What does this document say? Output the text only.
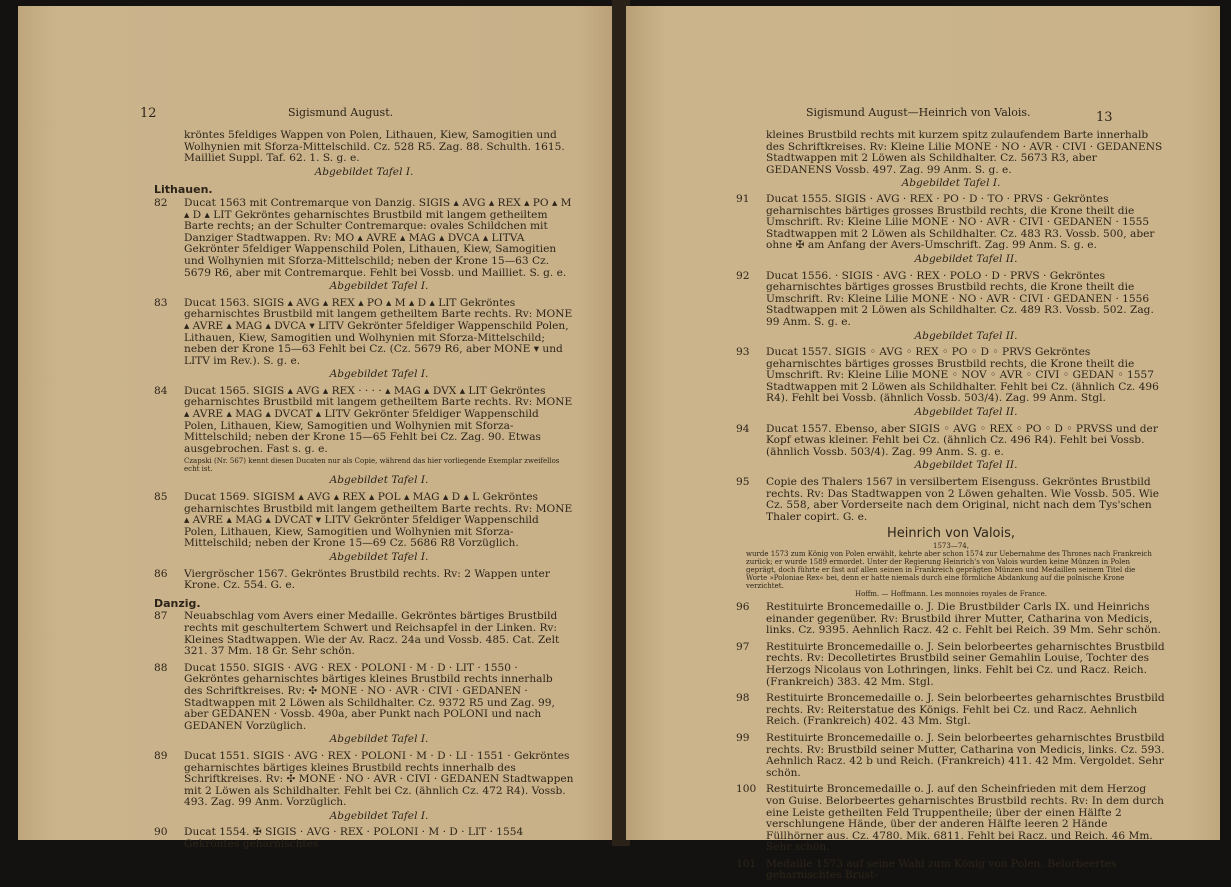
12	Sigismund August.
kröntes 5feldiges Wappen von Polen, Lithauen, Kiew, Samogitien und Wolhynien mit Sforza-Mittelschild. Cz. 528 R5. Zag. 88. Schulth. 1615. Mailliet Suppl. Taf. 62. 1. S. g. e.
Abgebildet Tafel I.
Lithauen.
82	Ducat 1563 mit Contremarque von Danzig. SIGIS ▴ AVG ▴ REX ▴ PO ▴ M ▴ D ▴ LIT Gekröntes geharnischtes Brustbild mit langem getheiltem Barte rechts; an der Schulter Contremarque: ovales Schildchen mit Danziger Stadtwappen. Rv: MO ▴ AVRE ▴ MAG ▴ DVCA ▴ LITVA Gekrönter 5feldiger Wappenschild Polen, Lithauen, Kiew, Samogitien und Wolhynien mit Sforza-Mittelschild; neben der Krone 15—63 Cz. 5679 R6, aber mit Contremarque. Fehlt bei Vossb. und Mailliet. S. g. e.
Abgebildet Tafel I.
83	Ducat 1563. SIGIS ▴ AVG ▴ REX ▴ PO ▴ M ▴ D ▴ LIT Gekröntes geharnischtes Brustbild mit langem getheiltem Barte rechts. Rv: MONE ▴ AVRE ▴ MAG ▴ DVCA ▾ LITV Gekrönter 5feldiger Wappenschild Polen, Lithauen, Kiew, Samogitien und Wolhynien mit Sforza-Mittelschild; neben der Krone 15—63 Fehlt bei Cz. (Cz. 5679 R6, aber MONE ▾ und LITV im Rev.). S. g. e.
Abgebildet Tafel I.
84	Ducat 1565. SIGIS ▴ AVG ▴ REX · · · · ▴ MAG ▴ DVX ▴ LIT Gekröntes geharnischtes Brustbild mit langem getheiltem Barte rechts. Rv: MONE ▴ AVRE ▴ MAG ▴ DVCAT ▴ LITV Gekrönter 5feldiger Wappenschild Polen, Lithauen, Kiew, Samogitien und Wolhynien mit Sforza-Mittelschild; neben der Krone 15—65 Fehlt bei Cz. Zag. 90. Etwas ausgebrochen. Fast s. g. e.
Czapski (Nr. 567) kennt diesen Ducaten nur als Copie, während das hier vorliegende Exemplar zweifellos echt ist.
Abgebildet Tafel I.
85	Ducat 1569. SIGISM ▴ AVG ▴ REX ▴ POL ▴ MAG ▴ D ▴ L Gekröntes geharnischtes Brustbild mit langem getheiltem Barte rechts. Rv: MONE ▴ AVRE ▴ MAG ▴ DVCAT ▾ LITV Gekrönter 5feldiger Wappenschild Polen, Lithauen, Kiew, Samogitien und Wolhynien mit Sforza-Mittelschild; neben der Krone 15—69 Cz. 5686 R8 Vorzüglich.
Abgebildet Tafel I.
86	Viergröscher 1567. Gekröntes Brustbild rechts. Rv: 2 Wappen unter Krone. Cz. 554. G. e.
Danzig.
87	Neuabschlag vom Avers einer Medaille. Gekröntes bärtiges Brustbild rechts mit geschultertem Schwert und Reichsapfel in der Linken. Rv: Kleines Stadtwappen. Wie der Av. Racz. 24a und Vossb. 485. Cat. Zelt 321. 37 Mm. 18 Gr. Sehr schön.
88	Ducat 1550. SIGIS · AVG · REX · POLONI · M · D · LIT · 1550 · Gekröntes geharnischtes bärtiges kleines Brustbild rechts innerhalb des Schriftkreises. Rv: ✣ MONE · NO · AVR · CIVI · GEDANEN · Stadtwappen mit 2 Löwen als Schildhalter. Cz. 9372 R5 und Zag. 99, aber GEDANEN · Vossb. 490a, aber Punkt nach POLONI und nach GEDANEN Vorzüglich.
Abgebildet Tafel I.
89	Ducat 1551. SIGIS · AVG · REX · POLONI · M · D · LI · 1551 · Gekröntes geharnischtes bärtiges kleines Brustbild rechts innerhalb des Schriftkreises. Rv: ✣ MONE · NO · AVR · CIVI · GEDANEN Stadtwappen mit 2 Löwen als Schildhalter. Fehlt bei Cz. (ähnlich Cz. 472 R4). Vossb. 493. Zag. 99 Anm. Vorzüglich.
Abgebildet Tafel I.
90	Ducat 1554. ✠ SIGIS · AVG · REX · POLONI · M · D · LIT · 1554 Gekröntes geharnischtes
Sigismund August—Heinrich von Valois.	13
kleines Brustbild rechts mit kurzem spitz zulaufendem Barte innerhalb des Schriftkreises. Rv: Kleine Lilie MONE · NO · AVR · CIVI · GEDANENS Stadtwappen mit 2 Löwen als Schildhalter. Cz. 5673 R3, aber GEDANENS Vossb. 497. Zag. 99 Anm. S. g. e.
Abgebildet Tafel I.
91	Ducat 1555. SIGIS · AVG · REX · PO · D · TO · PRVS · Gekröntes geharnischtes bärtiges grosses Brustbild rechts, die Krone theilt die Umschrift. Rv: Kleine Lilie MONE · NO · AVR · CIVI · GEDANEN · 1555 Stadtwappen mit 2 Löwen als Schildhalter. Cz. 483 R3. Vossb. 500, aber ohne ✠ am Anfang der Avers-Umschrift. Zag. 99 Anm. S. g. e.
Abgebildet Tafel II.
92	Ducat 1556. · SIGIS · AVG · REX · POLO · D · PRVS · Gekröntes geharnischtes bärtiges grosses Brustbild rechts, die Krone theilt die Umschrift. Rv: Kleine Lilie MONE · NO · AVR · CIVI · GEDANEN · 1556 Stadtwappen mit 2 Löwen als Schildhalter. Cz. 489 R3. Vossb. 502. Zag. 99 Anm. S. g. e.
Abgebildet Tafel II.
93	Ducat 1557. SIGIS ◦ AVG ◦ REX ◦ PO ◦ D ◦ PRVS Gekröntes geharnischtes bärtiges grosses Brustbild rechts, die Krone theilt die Umschrift. Rv: Kleine Lilie MONE ◦ NOV ◦ AVR ◦ CIVI ◦ GEDAN ◦ 1557 Stadtwappen mit 2 Löwen als Schildhalter. Fehlt bei Cz. (ähnlich Cz. 496 R4). Fehlt bei Vossb. (ähnlich Vossb. 503/4). Zag. 99 Anm. Stgl.
Abgebildet Tafel II.
94	Ducat 1557. Ebenso, aber SIGIS ◦ AVG ◦ REX ◦ PO ◦ D ◦ PRVSS und der Kopf etwas kleiner. Fehlt bei Cz. (ähnlich Cz. 496 R4). Fehlt bei Vossb. (ähnlich Vossb. 503/4). Zag. 99 Anm. S. g. e.
Abgebildet Tafel II.
95	Copie des Thalers 1567 in versilbertem Eisenguss. Gekröntes Brustbild rechts. Rv: Das Stadtwappen von 2 Löwen gehalten. Wie Vossb. 505. Wie Cz. 558, aber Vorderseite nach dem Original, nicht nach dem Tys'schen Thaler copirt. G. e.
Heinrich von Valois,
1573—74,
wurde 1573 zum König von Polen erwählt, kehrte aber schon 1574 zur Uebernahme des Thrones nach Frankreich zurück; er wurde 1589 ermordet. Unter der Regierung Heinrich's von Valois wurden keine Münzen in Polen geprägt, doch führte er fast auf allen seinen in Frankreich geprägten Münzen und Medaillen seinem Titel die Worte »Poloniae Rex« bei, denn er hatte niemals durch eine förmliche Abdankung auf die polnische Krone verzichtet.
Hoffm. — Hoffmann. Les monnoies royales de France.
96	Restituirte Broncemedaille o. J. Die Brustbilder Carls IX. und Heinrichs einander gegenüber. Rv: Brustbild ihrer Mutter, Catharina von Medicis, links. Cz. 9395. Aehnlich Racz. 42 c. Fehlt bei Reich. 39 Mm. Sehr schön.
97	Restituirte Broncemedaille o. J. Sein belorbeertes geharnischtes Brustbild rechts. Rv: Decolletirtes Brustbild seiner Gemahlin Louise, Tochter des Herzogs Nicolaus von Lothringen, links. Fehlt bei Cz. und Racz. Reich. (Frankreich) 383. 42 Mm. Stgl.
98	Restituirte Broncemedaille o. J. Sein belorbeertes geharnischtes Brustbild rechts. Rv: Reiterstatue des Königs. Fehlt bei Cz. und Racz. Aehnlich Reich. (Frankreich) 402. 43 Mm. Stgl.
99	Restituirte Broncemedaille o. J. Sein belorbeertes geharnischtes Brustbild rechts. Rv: Brustbild seiner Mutter, Catharina von Medicis, links. Cz. 593. Aehnlich Racz. 42 b und Reich. (Frankreich) 411. 42 Mm. Vergoldet. Sehr schön.
100 Restituirte Broncemedaille o. J. auf den Scheinfrieden mit dem Herzog von Guise. Belorbeertes geharnischtes Brustbild rechts. Rv: In dem durch eine Leiste getheilten Feld Truppentheile; über der einen Hälfte 2 verschlungene Hände, über der anderen Hälfte leeren 2 Hände Füllhörner aus. Cz. 4780. Mik. 6811. Fehlt bei Racz. und Reich. 46 Mm. Sehr schön.
101 Medaille 1573 auf seine Wahl zum König von Polen. Belorbeertes geharnischtes Brust-
